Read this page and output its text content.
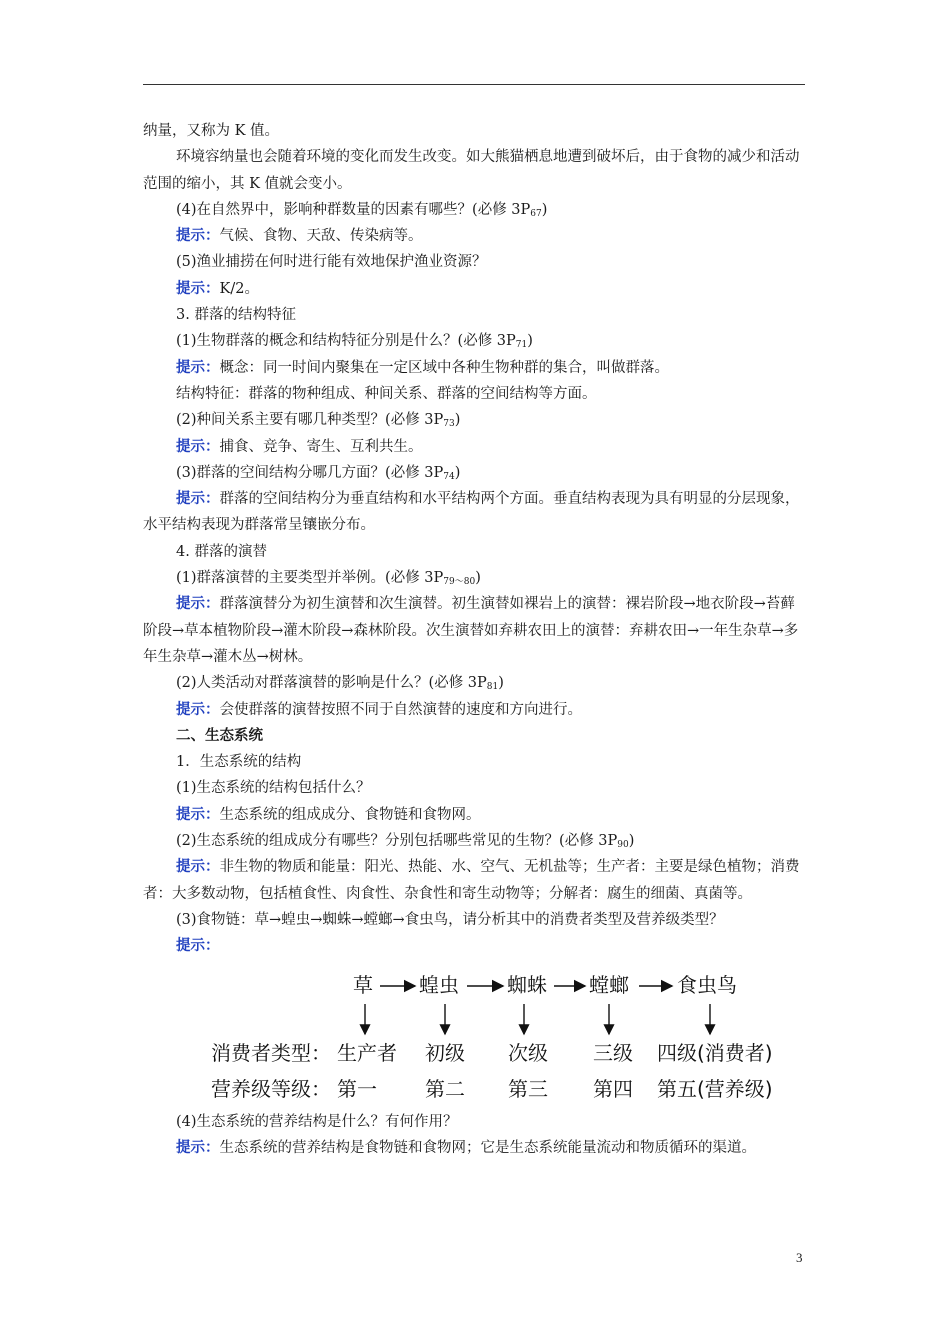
纳量，又称为 K 值。

环境容纳量也会随着环境的变化而发生改变。如大熊猫栖息地遭到破坏后，由于食物的减少和活动范围的缩小，其 K 值就会变小。

(4)在自然界中，影响种群数量的因素有哪些？(必修 $3P_{67}$)

提示：气候、食物、天敌、传染病等。

(5)渔业捕捞在何时进行能有效地保护渔业资源？

提示：K/2。

3. 群落的结构特征

(1)生物群落的概念和结构特征分别是什么？(必修 $3P_{71}$)

提示：概念：同一时间内聚集在一定区域中各种生物种群的集合，叫做群落。

结构特征：群落的物种组成、种间关系、群落的空间结构等方面。

(2)种间关系主要有哪几种类型？(必修 $3P_{73}$)

提示：捕食、竞争、寄生、互利共生。

(3)群落的空间结构分哪几方面？(必修 $3P_{74}$)

提示：群落的空间结构分为垂直结构和水平结构两个方面。垂直结构表现为具有明显的分层现象，水平结构表现为群落常呈镶嵌分布。

4. 群落的演替

(1)群落演替的主要类型并举例。(必修 $3P_{79\sim 80}$)

提示：群落演替分为初生演替和次生演替。初生演替如裸岩上的演替：裸岩阶段→地衣阶段→苔藓阶段→草本植物阶段→灌木阶段→森林阶段。次生演替如弃耕农田上的演替：弃耕农田→一年生杂草→多年生杂草→灌木丛→树林。

(2)人类活动对群落演替的影响是什么？(必修 $3P_{81}$)

提示：会使群落的演替按照不同于自然演替的速度和方向进行。

二、生态系统

1．生态系统的结构

(1)生态系统的结构包括什么？

提示：生态系统的组成成分、食物链和食物网。

(2)生态系统的组成成分有哪些？分别包括哪些常见的生物？(必修 $3P_{90}$)

提示：非生物的物质和能量：阳光、热能、水、空气、无机盐等；生产者：主要是绿色植物；消费者：大多数动物，包括植食性、肉食性、杂食性和寄生动物等；分解者：腐生的细菌、真菌等。

(3)食物链：草→蝗虫→蜘蛛→螳螂→食虫鸟，请分析其中的消费者类型及营养级类型？

提示：

草 蝗虫 蜘蛛 螳螂 食虫鸟
消费者类型： 生产者 初级 次级 三级 四级(消费者)
营养级等级： 第一 第二 第三 第四 第五(营养级)

(4)生态系统的营养结构是什么？有何作用？

提示：生态系统的营养结构是食物链和食物网；它是生态系统能量流动和物质循环的渠道。

3
